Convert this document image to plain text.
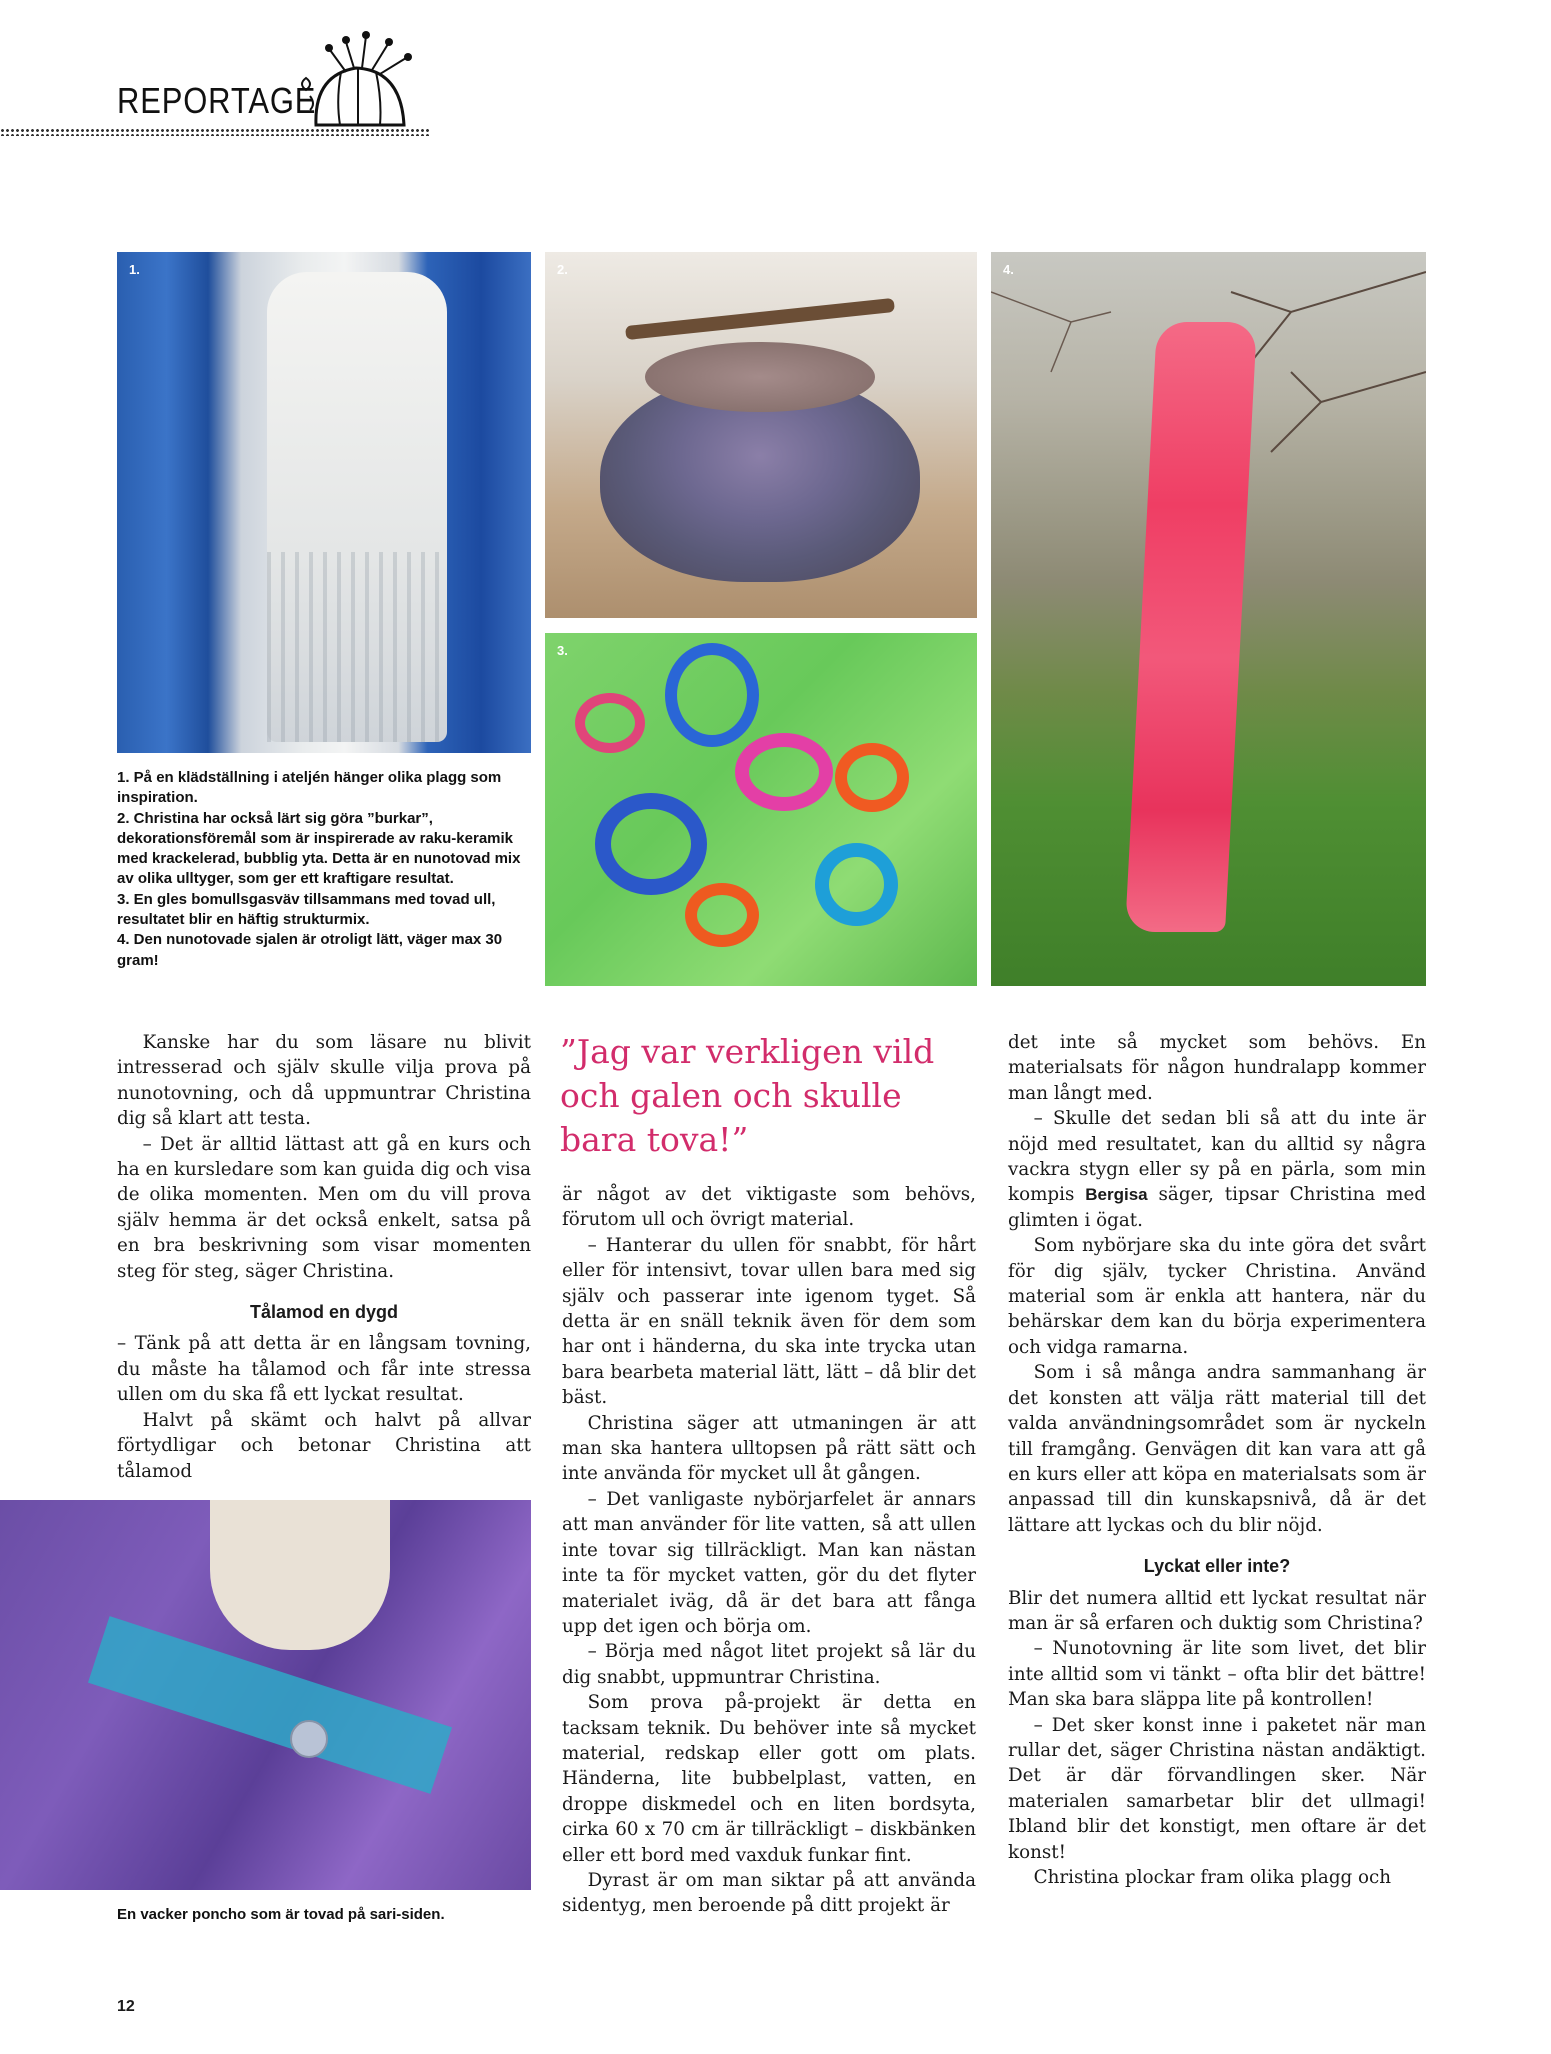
REPORTAGE
1.	2.
3.
4.

1. På en klädställning i ateljén hänger olika plagg som inspiration.

2. Christina har också lärt sig göra ”burkar”, dekorationsföremål som är inspirerade av raku-keramik med krackelerad, bubblig yta. Detta är en nunotovad mix av olika ulltyger, som ger ett kraftigare resultat.

3. En gles bomullsgasväv tillsammans med tovad ull, resultatet blir en häftig strukturmix.

4. Den nunotovade sjalen är otroligt lätt, väger max 30 gram!

Kanske har du som läsare nu blivit intresserad och själv skulle vilja prova på nunotovning, och då uppmuntrar Christina dig så klart att testa.

– Det är alltid lättast att gå en kurs och ha en kursledare som kan guida dig och visa de olika momenten. Men om du vill prova själv hemma är det också enkelt, satsa på en bra beskrivning som visar momenten steg för steg, säger Christina.

Tålamod en dygd

– Tänk på att detta är en långsam tovning, du måste ha tålamod och får inte stressa ullen om du ska få ett lyckat resultat.

Halvt på skämt och halvt på allvar förtydligar och betonar Christina att tålamod

En vacker poncho som är tovad på sari-siden.
”Jag var verkligen vild och galen och skulle bara tova!”

är något av det viktigaste som behövs, förutom ull och övrigt material.

– Hanterar du ullen för snabbt, för hårt eller för intensivt, tovar ullen bara med sig själv och passerar inte igenom tyget. Så detta är en snäll teknik även för dem som har ont i händerna, du ska inte trycka utan bara bearbeta material lätt, lätt – då blir det bäst.

Christina säger att utmaningen är att man ska hantera ulltopsen på rätt sätt och inte använda för mycket ull åt gången.

– Det vanligaste nybörjarfelet är annars att man använder för lite vatten, så att ullen inte tovar sig tillräckligt. Man kan nästan inte ta för mycket vatten, gör du det flyter materialet iväg, då är det bara att fånga upp det igen och börja om.

– Börja med något litet projekt så lär du dig snabbt, uppmuntrar Christina.

Som prova på-projekt är detta en tacksam teknik. Du behöver inte så mycket material, redskap eller gott om plats. Händerna, lite bubbelplast, vatten, en droppe diskmedel och en liten bordsyta, cirka 60 x 70 cm är tillräckligt – diskbänken eller ett bord med vaxduk funkar fint.

Dyrast är om man siktar på att använda sidentyg, men beroende på ditt projekt är

det inte så mycket som behövs. En materialsats för någon hundralapp kommer man långt med.

– Skulle det sedan bli så att du inte är nöjd med resultatet, kan du alltid sy några vackra stygn eller sy på en pärla, som min kompis Bergisa säger, tipsar Christina med glimten i ögat.

Som nybörjare ska du inte göra det svårt för dig själv, tycker Christina. Använd material som är enkla att hantera, när du behärskar dem kan du börja experimentera och vidga ramarna.

Som i så många andra sammanhang är det konsten att välja rätt material till det valda användningsområdet som är nyckeln till framgång. Genvägen dit kan vara att gå en kurs eller att köpa en materialsats som är anpassad till din kunskapsnivå, då är det lättare att lyckas och du blir nöjd.

Lyckat eller inte?

Blir det numera alltid ett lyckat resultat när man är så erfaren och duktig som Christina?

– Nunotovning är lite som livet, det blir inte alltid som vi tänkt – ofta blir det bättre! Man ska bara släppa lite på kontrollen!

– Det sker konst inne i paketet när man rullar det, säger Christina nästan andäktigt. Det är där förvandlingen sker. När materialen samarbetar blir det ullmagi! Ibland blir det konstigt, men oftare är det konst!

Christina plockar fram olika plagg och

12
